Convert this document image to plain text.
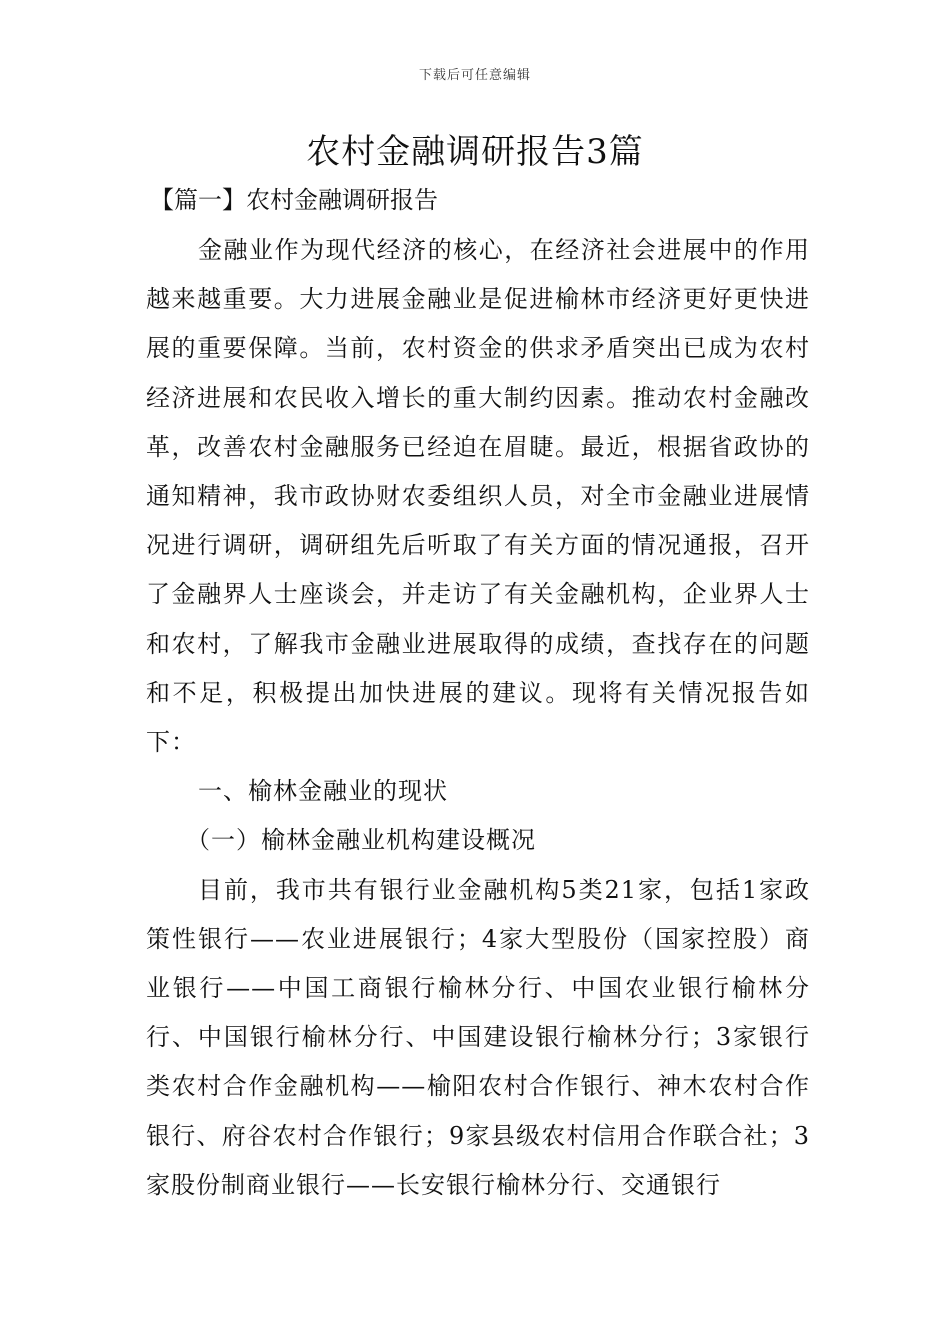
下载后可任意编辑
农村金融调研报告3篇
【篇一】农村金融调研报告

金融业作为现代经济的核心，在经济社会进展中的作用越来越重要。大力进展金融业是促进榆林市经济更好更快进展的重要保障。当前，农村资金的供求矛盾突出已成为农村经济进展和农民收入增长的重大制约因素。推动农村金融改革，改善农村金融服务已经迫在眉睫。最近，根据省政协的通知精神，我市政协财农委组织人员，对全市金融业进展情况进行调研，调研组先后听取了有关方面的情况通报，召开了金融界人士座谈会，并走访了有关金融机构，企业界人士和农村，了解我市金融业进展取得的成绩，查找存在的问题和不足，积极提出加快进展的建议。现将有关情况报告如下：

一、榆林金融业的现状

（一）榆林金融业机构建设概况

目前，我市共有银行业金融机构5类21家，包括1家政策性银行——农业进展银行；4家大型股份（国家控股）商业银行——中国工商银行榆林分行、中国农业银行榆林分行、中国银行榆林分行、中国建设银行榆林分行；3家银行类农村合作金融机构——榆阳农村合作银行、神木农村合作银行、府谷农村合作银行；9家县级农村信用合作联合社；3家股份制商业银行——长安银行榆林分行、交通银行
